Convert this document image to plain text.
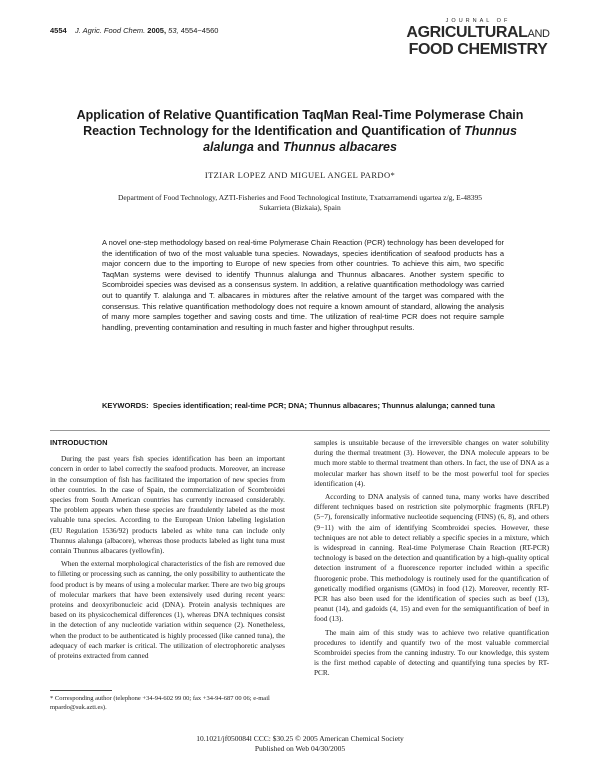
4554 J. Agric. Food Chem. 2005, 53, 4554−4560
JOURNAL OF
AGRICULTURALAND
FOOD CHEMISTRY
Application of Relative Quantification TaqMan Real-Time Polymerase Chain Reaction Technology for the Identification and Quantification of Thunnus alalunga and Thunnus albacares
ITZIAR LOPEZ AND MIGUEL ANGEL PARDO*
Department of Food Technology, AZTI-Fisheries and Food Technological Institute, Txatxarramendi ugartea z/g, E-48395 Sukarrieta (Bizkaia), Spain
A novel one-step methodology based on real-time Polymerase Chain Reaction (PCR) technology has been developed for the identification of two of the most valuable tuna species. Nowadays, species identification of seafood products has a major concern due to the importing to Europe of new species from other countries. To achieve this aim, two specific TaqMan systems were devised to identify Thunnus alalunga and Thunnus albacares. Another system specific to Scombroidei species was devised as a consensus system. In addition, a relative quantification methodology was carried out to quantify T. alalunga and T. albacares in mixtures after the relative amount of the target was compared with the consensus. This relative quantification methodology does not require a known amount of standard, allowing the analysis of many more samples together and saving costs and time. The utilization of real-time PCR does not require sample handling, preventing contamination and resulting in much faster and higher throughput results.
KEYWORDS: Species identification; real-time PCR; DNA; Thunnus albacares; Thunnus alalunga; canned tuna
INTRODUCTION

During the past years fish species identification has been an important concern in order to label correctly the seafood products. Moreover, an increase in the consumption of fish has facilitated the importation of new species from other countries. In the case of Spain, the commercialization of Scombroidei species from South American countries has currently increased considerably. The problem appears when these species are fraudulently labeled as the most valuable tuna species. According to the European Union labeling legislation (EU Regulation 1536/92) products labeled as white tuna can include only Thunnus alalunga (albacore), whereas those products labeled as light tuna must contain Thunnus albacares (yellowfin).

When the external morphological characteristics of the fish are removed due to filleting or processing such as canning, the only possibility to authenticate the food product is by means of using a molecular marker. There are two big groups of molecular markers that have been extensively used during recent years: proteins and deoxyribonucleic acid (DNA). Protein analysis techniques are based on its physicochemical differences (1), whereas DNA techniques consist in the detection of any nucleotide variation within sequence (2). Nonetheless, when the product to be authenticated is highly processed (like canned tuna), the adequacy of each marker is critical. The utilization of electrophoretic analyses of proteins extracted from canned

samples is unsuitable because of the irreversible changes on water solubility during the thermal treatment (3). However, the DNA molecule appears to be much more stable to thermal treatment than others. In fact, the use of DNA as a molecular marker has shown itself to be the most powerful tool for species identification (4).

According to DNA analysis of canned tuna, many works have described different techniques based on restriction site polymorphic fragments (RFLP) (5−7), forensically informative nucleotide sequencing (FINS) (6, 8), and others (9−11) with the aim of identifying Scombroidei species. However, these techniques are not able to detect reliably a specific species in a mixture, which is widespread in canning. Real-time Polymerase Chain Reaction (RT-PCR) technology is based on the detection and quantification by a high-quality optical detection instrument of a fluorescence reporter included within a specific fluorogenic probe. This methodology is routinely used for the quantification of genetically modified organisms (GMOs) in food (12). Moreover, recently RT-PCR has also been used for the identification of species such as beef (13), peanut (14), and gadoids (4, 15) and even for the semiquantification of beef in food (13).

The main aim of this study was to achieve two relative quantification procedures to identify and quantify two of the most valuable commercial Scombroidei species from the canning industry. To our knowledge, this system is the first method capable of detecting and quantifying tuna species by RT-PCR.

* Corresponding author (telephone +34-94-602 99 00; fax +34-94-687 00 06; e-mail mpardo@suk.azti.es).
10.1021/jf050084l CCC: $30.25 © 2005 American Chemical Society
Published on Web 04/30/2005
